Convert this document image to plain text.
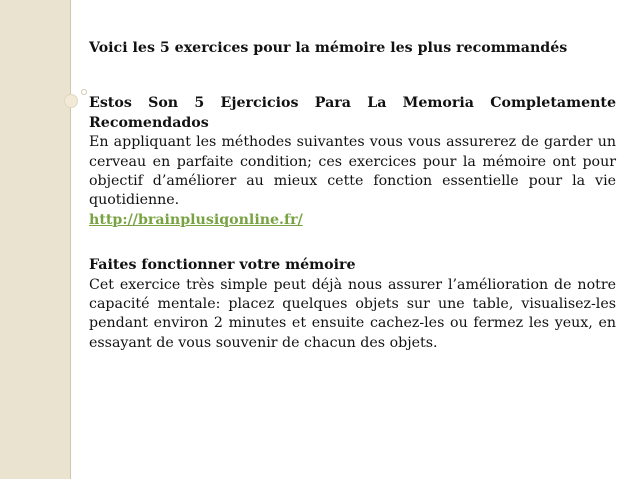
Voici les 5 exercices pour la mémoire les plus recommandés

Estos Son 5 Ejercicios Para La Memoria Completamente Recomendados

En appliquant les méthodes suivantes vous vous assurerez de garder un cerveau en parfaite condition; ces exercices pour la mémoire ont pour objectif d’améliorer au mieux cette fonction essentielle pour la vie quotidienne.

http://brainplusiqonline.fr/

Faites fonctionner votre mémoire

Cet exercice très simple peut déjà nous assurer l’amélioration de notre capacité mentale: placez quelques objets sur une table, visualisez-les pendant environ 2 minutes et ensuite cachez-les ou fermez les yeux, en essayant de vous souvenir de chacun des objets.
